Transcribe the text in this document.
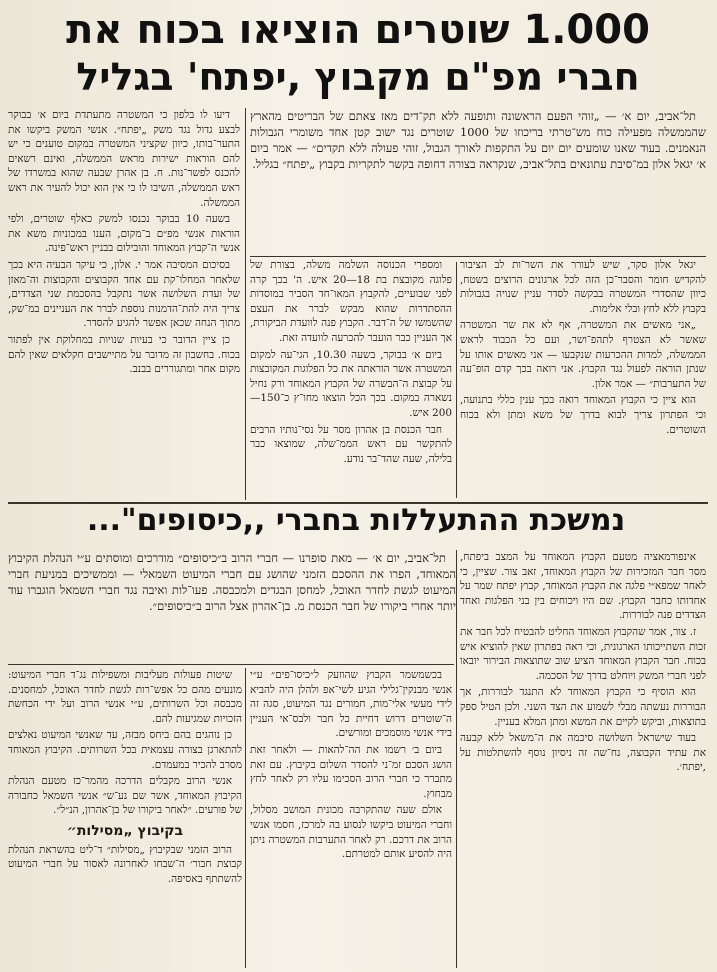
1.000 שוטרים הוציאו בכוח את
חברי מפ"ם מקבוץ ,יפתח' בגליל

תל־אביב, יום א׳ — „זוהי הפעם הראשונה ותופעה ללא תק־דים מאז צאתם של הבריטים מהארץ שהממשלה מפעילה כוח מש־טרתי בריכוזו של 1000 שוטרים נגד ישוב קטן אחד משומרי הגבולות הנאמנים. בעוד שאנו שומעים יום יום על התקפות לאורך הגבול, זוהי פעולה ללא תקדים״ — אמר ביום א׳ יגאל אלון במ־סיבת עתונאים בתל־אביב, שנקראה בצורה דחופה בקשר לתקריות בקבוץ „יפתח״ בגליל.

יגאל אלון סקר, שיש לעורר את השר־ות לב הציבור להקדיש חומר והסבר־כן הזה לכל ארגונים הרוצים בשטח, כיוון שהסדרי המשטרה בבקשה לסדר עניין שנויה בגבולות בקבוץ ללא לחץ ובלי אלימות.

„אני מאשים את המשטרה, אף לא את שר המשטרה שאשר לא הצטרף לתהפ־ושר, ועם כל הכבוד לראש הממשלה, למדות ההכרעות שנקבעו — אני מאשים אותו על שנתן הוראה לפעול נגד הקבוץ. אני רואה בכך קדם הופ־עה של התערבות״ — אמר אלון.

הוא ציין כי הקבוץ המאוחד רואה בכך ענין כללי בתנועה, וכי הפתרון צריך לבוא בדרך של משא ומתן ולא בכוח השוטרים.

ומספרי הכנוסה השלמה משלה, בצורת של פלוגה מקובצת בת 18—20 איש. ה' בכך קרה לפני שבועיים, להקבוץ המאו־חד הסביר במוסדות ההסתדרות שהוא מבקש לברר את העצם שהשמשו של ה־דבר. הקבוץ פנה לוועדת הביקורת, אך העניין כבר הועבר להכרעה לוועדה זאת.

ביום א׳ בבוקר, בשעה 10.30, הגי־עה למקום המשטרה אשר הוראתה את כל הפלוגות המקובצות על קבוצת ה־הבשרה של הקבוץ המאוחד ורק נחיל נשארה במקום. בכך הכל הוצאו מחו־ץ כ־150—200 איש.

חבר הכנסת בן אהרון מסר על נסי־נותיו הרבים להתקשר עם ראש הממ־שלה, שמוצאו כבר בלילה, שעה שהד־בר נודע.

דיעו לו בלפון כי המשטרה מתעתדת ביום א׳ בבוקר לבצע גדול נגד משק „יפתח״. אנשי המשק ביקשו את התער־בותו, כיוון שקציני המשטרה במקום טוענים כי יש להם הוראות ישירות מראש הממשלה, ואינם רשאים להכנס לפשר־נות. ח. בן אהרן שבעה שהוא במשרדו של ראש הממשלה, השיבו לו כי אין הוא יכול להעיר את ראש הממשלה.

בשעה 10 בבוקר נכנסו למשק כאלף שוטרים, ולפי הוראות אנשי מפ״ם ב־מקום, הענו במכוניות משא את אנשי ה־קבוץ המאוחד והובילום בבניין ראש־פינה.

בסיכום המסיבה אמר י. אלון, כי עיקר הבעיה היא בכך שלאחר המחלו־קת עם אחד הקבוצים והקבוצות וה־מאזן של ועדת השלושה אשר נתקבל בהסכמת שני הצדדים, צריך היה להת־הדמנות נוספת לברר את העניינים במ־שק, מתוך הנחה שכאן אפשר להגיע להסדר.

כן ציין הדובר כי בעיות שנויות במחלוקת אין לפתור בכוח. בחשבון זה מדובר על מתיישבים חקלאים שאין להם מקום אחר ומתגוררים בבנב.

נמשכת ההתעללות בחברי ,,כיסופים"...

תל־אביב, יום א׳ — מאת סופרנו — חברי הרוב ב״כיסופים״ מודרכים ומוסתים ע״י הנהלת הקיבוץ המאוחד, הפרו את ההסכם הזמני שהושג עם חברי המיעוט השמאלי — וממשיכים במניעת חברי המיעוט לגשת לחדר האוכל, למחסן הבגדים ולמכבסה. פעו־לות ואיבה נגד חברי השמאל הוגברו עוד יותר אחרי ביקורו של חבר הכנסת מ. בן־אהרון אצל הרוב ב״כיסופים״.

אינפורמאציה מטעם הקבוץ המאוחד על המצב ביפתח, מסר חבר המזכירות של הקבוץ המאוחד, זאב צור. שציין, כי לאחר שמפא״י פלגה את הקבוץ המאוחד, קבוץ יפתח שמר על אחדותו כחבר הקבוץ. שם היו ויכוחים בין בני הפלגות ואחד הצדדים פנה לבוררות.

ז. צור, אמר שהקבוץ המאוחד החליט להבטיח לכל חבר את זכות השתייכותו הארגונית, וכי ראה בפתרון שאין להוציא איש בכוח. חבר הקבוץ המאוחד הציע שוב שתוצאות הבירור יובאו לפני חברי המשק ויוחלט בדרך של הסכמה.

הוא הוסיף כי הקבוץ המאוחד לא התנגד לבוררות, אך הבוררות נעשתה מבלי לשמוע את הצד השני. ולכן הטיל ספק בתוצאות, וביקש לקיים את המשא ומתן המלא בעניין.

בעוד שישראל השלושה סיכמה את ה־משאל ללא קבעה את עתיד הקבוצה, נח־שה זה ניסיון נוסף להשתלטות על ,יפתח׳.

בכשמשמר הקבוץ שהוזעק ל״כיסו־פים״ ע״י אנשי מבנקין־גלילי הגיע לשי־אפ ולהלן היה להביא לידי מעשי אלי־מות, חמורים נגד המיעוט, סגה זה ה־שוטרים דרוש דחיית כל חבר ולבס־אי העניין בידי אנשי מוסמכים ומורשים.

ביום ב׳ רשמו את הה־להאות — ולאחר זאת הושג הסכם זמ־ני להסדר השלום בקיבוץ. עם זאת מתברר כי חברי הרוב הסכימו עליו רק לאחר לחץ מבחוץ.

אולם שעה שהתקרבה מכונית המושב מסלול, וחברי המיעוט ביקשו לנסוע בה למרכז, חסמו אנשי הרוב את דרכם. רק לאחר התערבות המשטרה ניתן היה להסיע אותם למטרתם.

שיטות פעולות מעליבות ומשפילות נג־ד חברי המיעוט: מונעים מהם כל אפש־רות לגשת לחדר האוכל, למחסנים. מכבסה וכל השרותים, ע״י אנשי הרוב ועל ידי הכחשת הזכויות שמגיעות להם.

כן נוהגים בהם ביחס מבזה, עד שאנשי המיעוט נאלצים להתארגן בצורה עצמאית בכל השרותים. הקיבוץ המאוחד מסרב להכיר במעמדם.

אנשי הרוב מקבלים הדרכה מהמר־כז מטעם הנהלת הקיבוץ המאוחד, אשר שם נע־ש״ אנשי השמאל כחבורה של פורעים. ״לאחר ביקורו של בן־אהרון, הנ״ל״.

בקיבוץ „מסילות״

הרוב הזמני שבקיבוץ „מסילות״ ד־ליט בהשראת הנהלת קבוצת חבור׳ ה־שבחו לאחרונה לאסור על חברי המיעוט להשתתף באסיפה.
